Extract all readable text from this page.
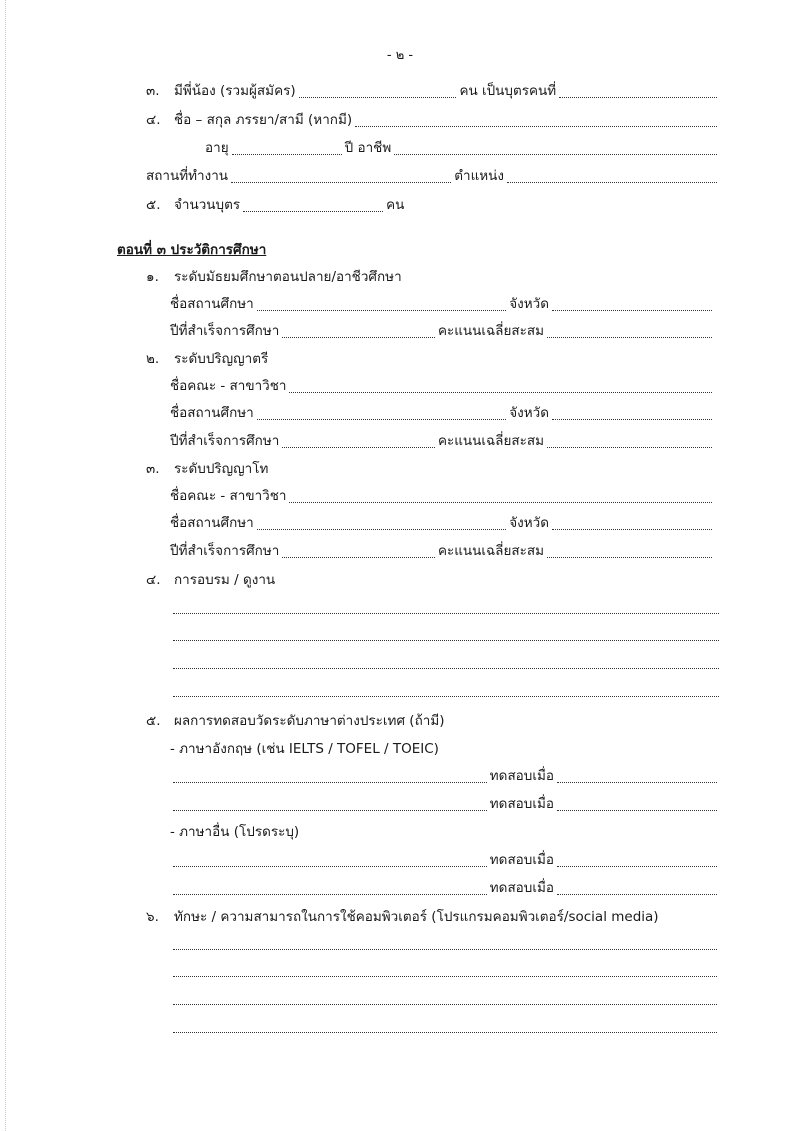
- ๒ -
๓.	มีพี่น้อง (รวมผู้สมัคร)	คน เป็นบุตรคนที่
๔. ชื่อ – สกุล ภรรยา/สามี (หากมี)
อายุ	ปี อาชีพ
สถานที่ทำงาน	ตำแหน่ง
๕. จำนวนบุตร	คน
ตอนที่ ๓ ประวัติการศึกษา
๑.	ระดับมัธยมศึกษาตอนปลาย/อาชีวศึกษา
ชื่อสถานศึกษา	จังหวัด
ปีที่สำเร็จการศึกษา	คะแนนเฉลี่ยสะสม
๒.	ระดับปริญญาตรี
ชื่อคณะ - สาขาวิชา
ชื่อสถานศึกษา	จังหวัด
ปีที่สำเร็จการศึกษา	คะแนนเฉลี่ยสะสม
๓.	ระดับปริญญาโท
ชื่อคณะ - สาขาวิชา
ชื่อสถานศึกษา	จังหวัด
ปีที่สำเร็จการศึกษา	คะแนนเฉลี่ยสะสม
๔. การอบรม / ดูงาน
๕. ผลการทดสอบวัดระดับภาษาต่างประเทศ (ถ้ามี)
- ภาษาอังกฤษ (เช่น IELTS / TOFEL / TOEIC)
ทดสอบเมื่อ
ทดสอบเมื่อ
- ภาษาอื่น (โปรดระบุ)
ทดสอบเมื่อ
ทดสอบเมื่อ
๖.	ทักษะ / ความสามารถในการใช้คอมพิวเตอร์ (โปรแกรมคอมพิวเตอร์/social media)
